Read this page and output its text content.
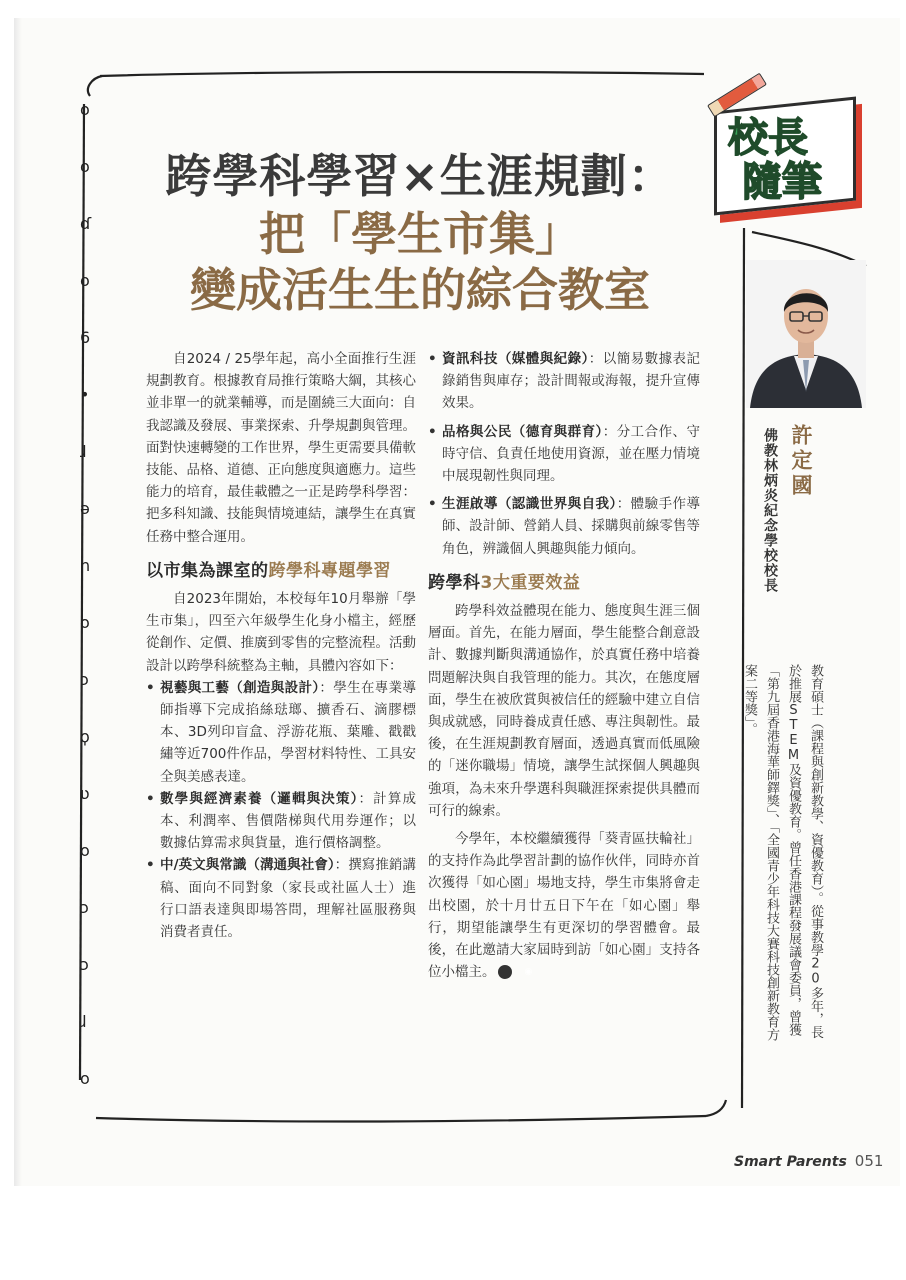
ο
ο
ɗ
ο
6
•
ɺ
ə
n
ο
ɔ
ϙ
ʋ
ο
ɔ
ɔ
ɺ
ο
跨學科學習×生涯規劃：
把「學生市集」
變成活生生的綜合教室
校長
隨筆
許定國
佛教林炳炎紀念學校校長
教育碩士（課程與創新教學、資優教育）。從事教學20多年，長於推展STEM及資優教育。曾任香港課程發展議會委員，曾獲「第九屆香港海華師鐸獎」、「全國青少年科技大賽科技創新教育方案二等獎」。

自2024 / 25學年起，高小全面推行生涯規劃教育。根據教育局推行策略大綱，其核心並非單一的就業輔導，而是圍繞三大面向：自我認識及發展、事業探索、升學規劃與管理。面對快速轉變的工作世界，學生更需要具備軟技能、品格、道德、正向態度與適應力。這些能力的培育，最佳載體之一正是跨學科學習：把多科知識、技能與情境連結，讓學生在真實任務中整合運用。

以市集為課室的跨學科專題學習

自2023年開始，本校每年10月舉辦「學生市集」，四至六年級學生化身小檔主，經歷從創作、定價、推廣到零售的完整流程。活動設計以跨學科統整為主軸，具體內容如下：

• 視藝與工藝（創造與設計）：學生在專業導師指導下完成掐絲琺瑯、擴香石、滴膠標本、3D列印盲盒、浮游花瓶、葉雕、戳戳繡等近700件作品，學習材料特性、工具安全與美感表達。
• 數學與經濟素養（邏輯與決策）：計算成本、利潤率、售價階梯與代用券運作；以數據估算需求與貨量，進行價格調整。
• 中/英文與常識（溝通與社會）：撰寫推銷講稿、面向不同對象（家長或社區人士）進行口語表達與即場答問，理解社區服務與消費者責任。
• 資訊科技（媒體與紀錄）：以簡易數據表記錄銷售與庫存；設計間報或海報，提升宣傳效果。
• 品格與公民（德育與群育）：分工合作、守時守信、負責任地使用資源，並在壓力情境中展現韌性與同理。
• 生涯啟導（認識世界與自我）：體驗手作導師、設計師、營銷人員、採購與前線零售等角色，辨識個人興趣與能力傾向。
跨學科3大重要效益

跨學科效益體現在能力、態度與生涯三個層面。首先，在能力層面，學生能整合創意設計、數據判斷與溝通協作，於真實任務中培養問題解決與自我管理的能力。其次，在態度層面，學生在被欣賞與被信任的經驗中建立自信與成就感，同時養成責任感、專注與韌性。最後，在生涯規劃教育層面，透過真實而低風險的「迷你職場」情境，讓學生試探個人興趣與強項，為未來升學選科與職涯探索提供具體而可行的線索。

今學年，本校繼續獲得「葵青區扶輪社」的支持作為此學習計劃的協作伙伴，同時亦首次獲得「如心園」場地支持，學生市集將會走出校園，於十月廿五日下午在「如心園」舉行，期望能讓學生有更深切的學習體會。最後，在此邀請大家屆時到訪「如心園」支持各位小檔主。	◉

Smart Parents 051
